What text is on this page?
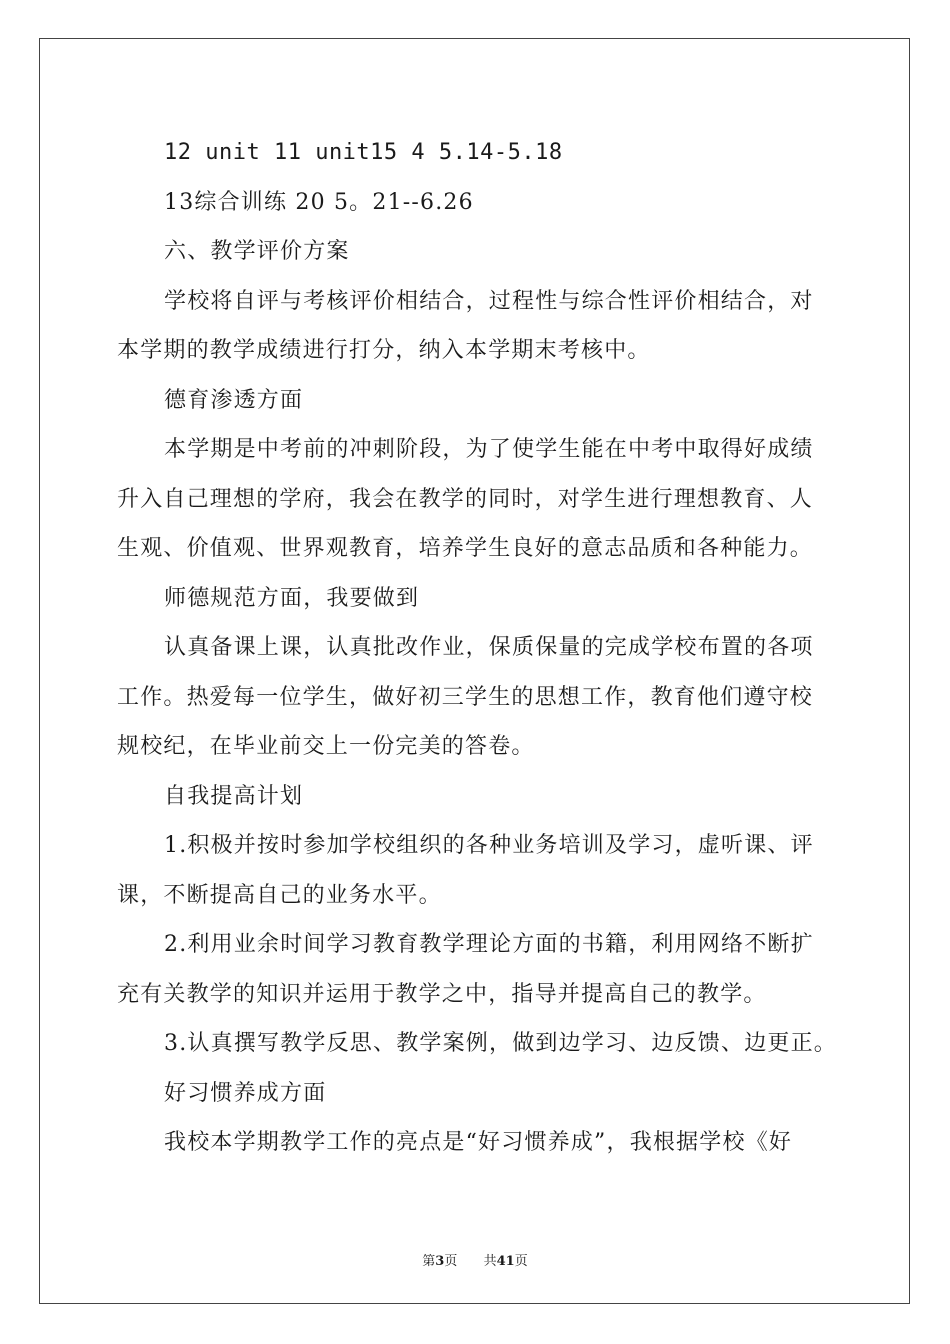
12 unit 11 unit15 4 5.14-5.18
13综合训练 20 5。21--6.26
六、教学评价方案
学校将自评与考核评价相结合，过程性与综合性评价相结合，对
本学期的教学成绩进行打分，纳入本学期末考核中。
德育渗透方面
本学期是中考前的冲刺阶段，为了使学生能在中考中取得好成绩
升入自己理想的学府，我会在教学的同时，对学生进行理想教育、人
生观、价值观、世界观教育，培养学生良好的意志品质和各种能力。
师德规范方面，我要做到
认真备课上课，认真批改作业，保质保量的完成学校布置的各项
工作。热爱每一位学生，做好初三学生的思想工作，教育他们遵守校
规校纪，在毕业前交上一份完美的答卷。
自我提高计划
1.积极并按时参加学校组织的各种业务培训及学习，虚听课、评
课，不断提高自己的业务水平。
2.利用业余时间学习教育教学理论方面的书籍，利用网络不断扩
充有关教学的知识并运用于教学之中，指导并提高自己的教学。
3.认真撰写教学反思、教学案例，做到边学习、边反馈、边更正。
好习惯养成方面
我校本学期教学工作的亮点是“好习惯养成”，我根据学校《好
第3页 共41页
